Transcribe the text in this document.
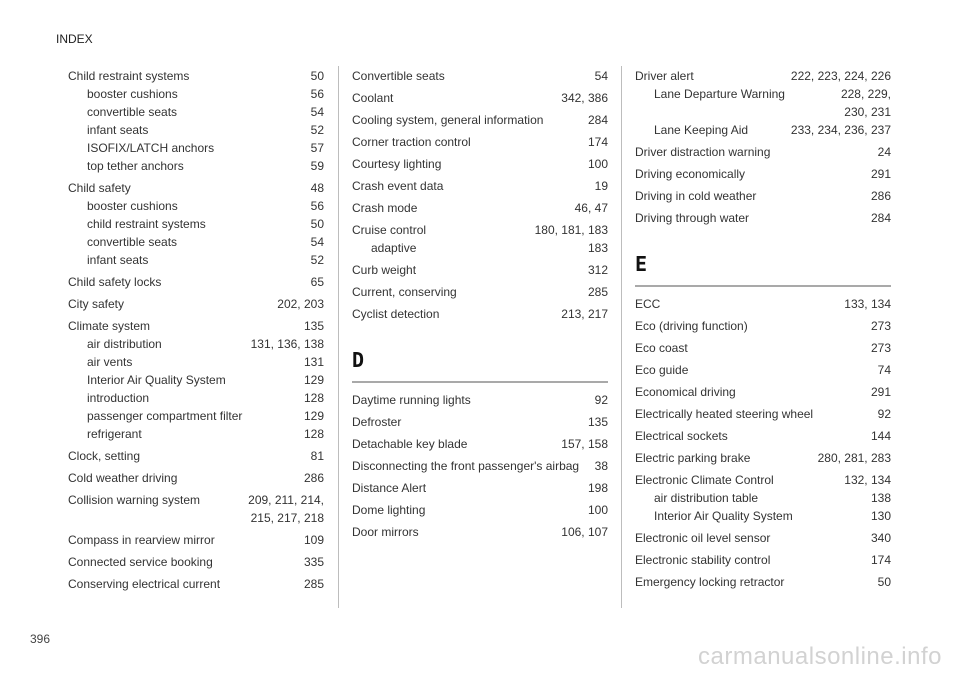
INDEX
Child restraint systems	50
booster cushions	56
convertible seats	54
infant seats	52
ISOFIX/LATCH anchors	57
top tether anchors	59
Child safety	48
booster cushions	56
child restraint systems	50
convertible seats	54
infant seats	52
Child safety locks	65
City safety	202, 203
Climate system	135
air distribution	131, 136, 138
air vents	131
Interior Air Quality System	129
introduction	128
passenger compartment filter	129
refrigerant	128
Clock, setting	81
Cold weather driving	286
Collision warning system	209, 211, 214,
215, 217, 218
Compass in rearview mirror	109
Connected service booking	335
Conserving electrical current	285
Convertible seats	54
Coolant	342, 386
Cooling system, general information	284
Corner traction control	174
Courtesy lighting	100
Crash event data	19
Crash mode	46, 47
Cruise control	180, 181, 183
adaptive	183
Curb weight	312
Current, conserving	285
Cyclist detection	213, 217
D
Daytime running lights	92
Defroster	135
Detachable key blade	157, 158
Disconnecting the front passenger's airbag	38
Distance Alert	198
Dome lighting	100
Door mirrors	106, 107
Driver alert	222, 223, 224, 226
Lane Departure Warning	228, 229,
230, 231
Lane Keeping Aid	233, 234, 236, 237
Driver distraction warning	24
Driving economically	291
Driving in cold weather	286
Driving through water	284
E
ECC	133, 134
Eco (driving function)	273
Eco coast	273
Eco guide	74
Economical driving	291
Electrically heated steering wheel	92
Electrical sockets	144
Electric parking brake	280, 281, 283
Electronic Climate Control	132, 134
air distribution table	138
Interior Air Quality System	130
Electronic oil level sensor	340
Electronic stability control	174
Emergency locking retractor	50
396
carmanualsonline.info
